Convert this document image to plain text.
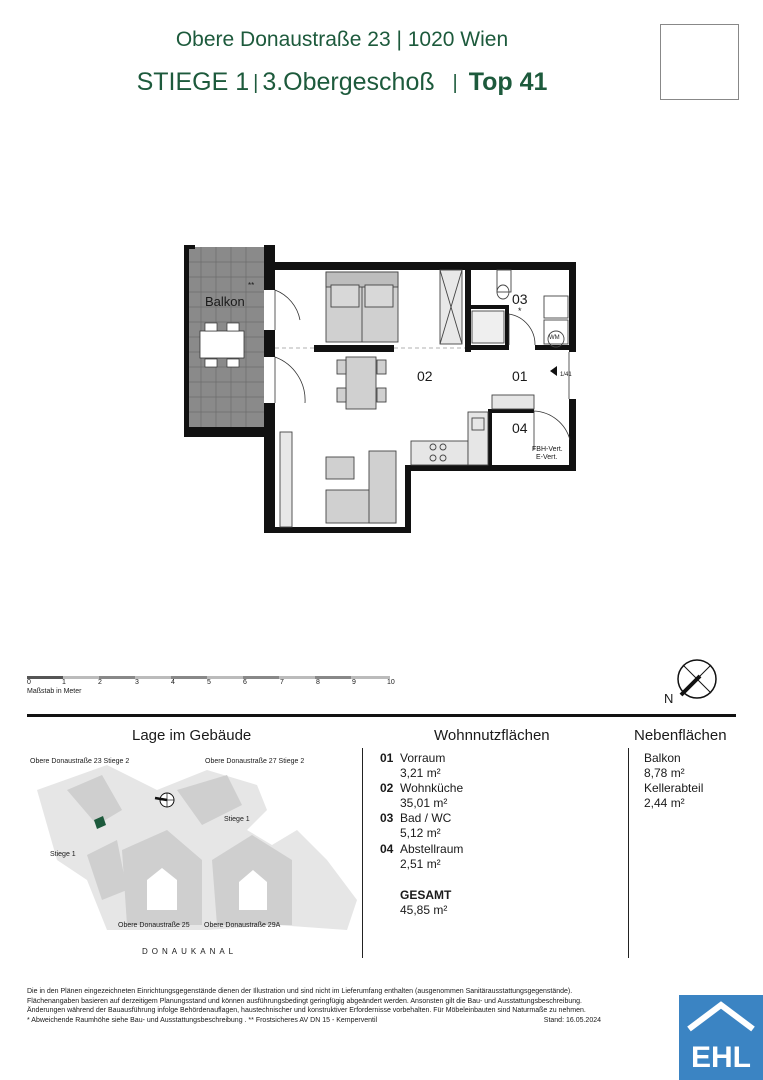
Obere Donaustraße 23 | 1020 Wien
STIEGE 1 | 3.Obergeschoß | Top 41
Balkon
**
02	01
03
*
04
1/41
FBH-Vert.
E-Vert.
WM
0	1	2	3	4	5	6	7	8	9	10
Maßstab in Meter	N
Lage im Gebäude	Wohnnutzflächen	Nebenflächen
Obere Donaustraße 23 Stiege 2	Obere Donaustraße 27 Stiege 2
Stiege 1
Stiege 1
Obere Donaustraße 25 Obere Donaustraße 29A
DONAUKANAL
01 Vorraum
3,21 m²
02 Wohnküche
35,01 m²
03 Bad / WC
5,12 m²
04 Abstellraum
2,51 m²
GESAMT
45,85 m²
Balkon
8,78 m²
Kellerabteil
2,44 m²
Die in den Plänen eingezeichneten Einrichtungsgegenstände dienen der Illustration und sind nicht im Lieferumfang enthalten (ausgenommen Sanitärausstattungsgegenstände).
Flächenangaben basieren auf derzeitigem Planungsstand und können ausführungsbedingt geringfügig abgeändert werden. Ansonsten gilt die Bau- und Ausstattungsbeschreibung.
Änderungen während der Bauausführung infolge Behördenauflagen, haustechnischer und konstruktiver Erfordernisse vorbehalten. Für Möbeleinbauten sind Naturmaße zu nehmen.
* Abweichende Raumhöhe siehe Bau- und Ausstattungsbeschreibung . ** Frostsicheres AV DN 15 - Kemperventil	Stand: 16.05.2024
EHL
